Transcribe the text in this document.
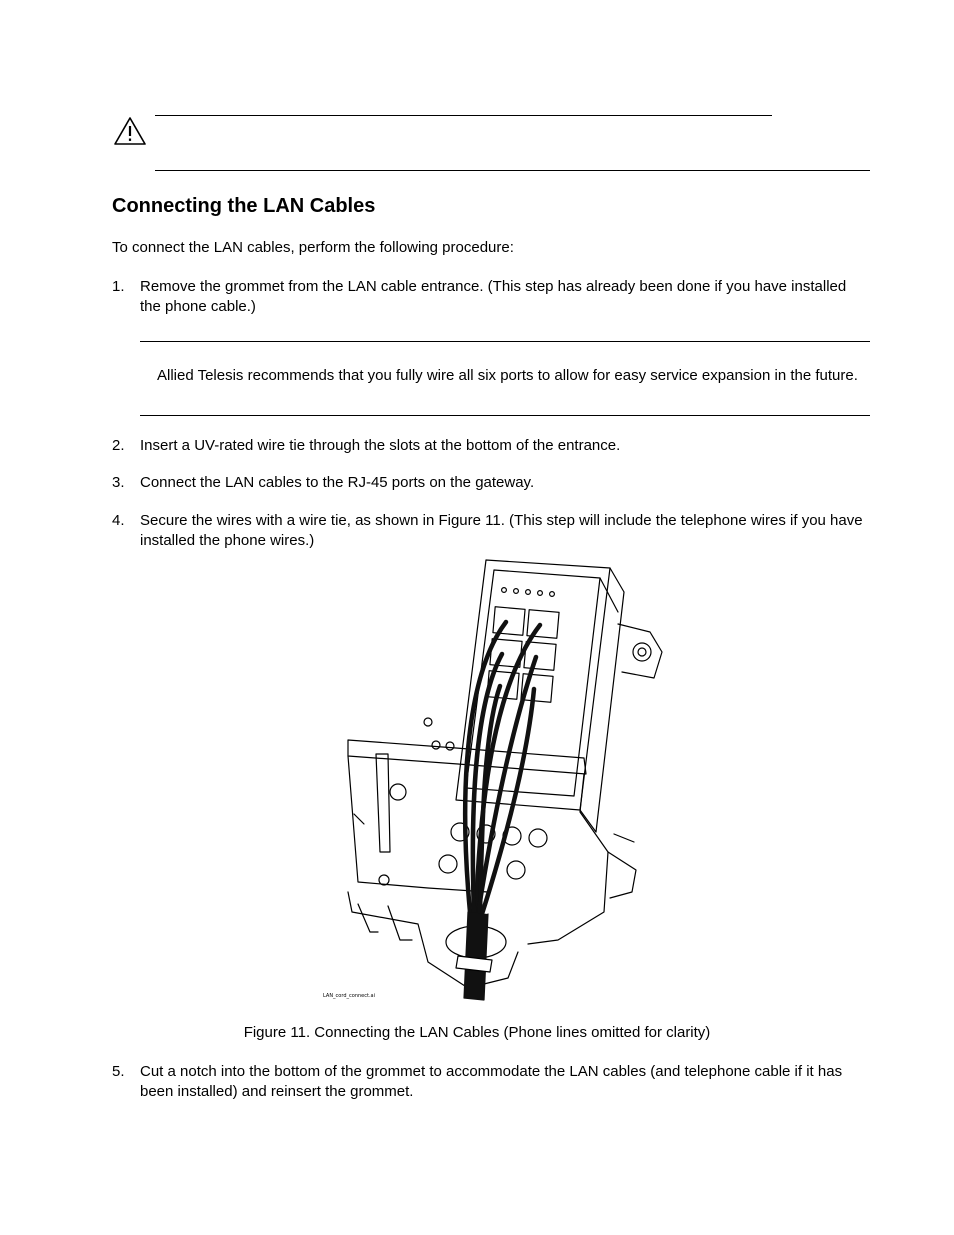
Connecting the LAN Cables
To connect the LAN cables, perform the following procedure:
1. Remove the grommet from the LAN cable entrance. (This step has already been done if you have installed the phone cable.)
Allied Telesis recommends that you fully wire all six ports to allow for easy service expansion in the future.
2. Insert a UV-rated wire tie through the slots at the bottom of the entrance.
3. Connect the LAN cables to the RJ-45 ports on the gateway.
4. Secure the wires with a wire tie, as shown in Figure 11. (This step will include the telephone wires if you have installed the phone wires.)
LAN_cord_connect.ai
Figure 11. Connecting the LAN Cables (Phone lines omitted for clarity)
5. Cut a notch into the bottom of the grommet to accommodate the LAN cables (and telephone cable if it has been installed) and reinsert the grommet.
